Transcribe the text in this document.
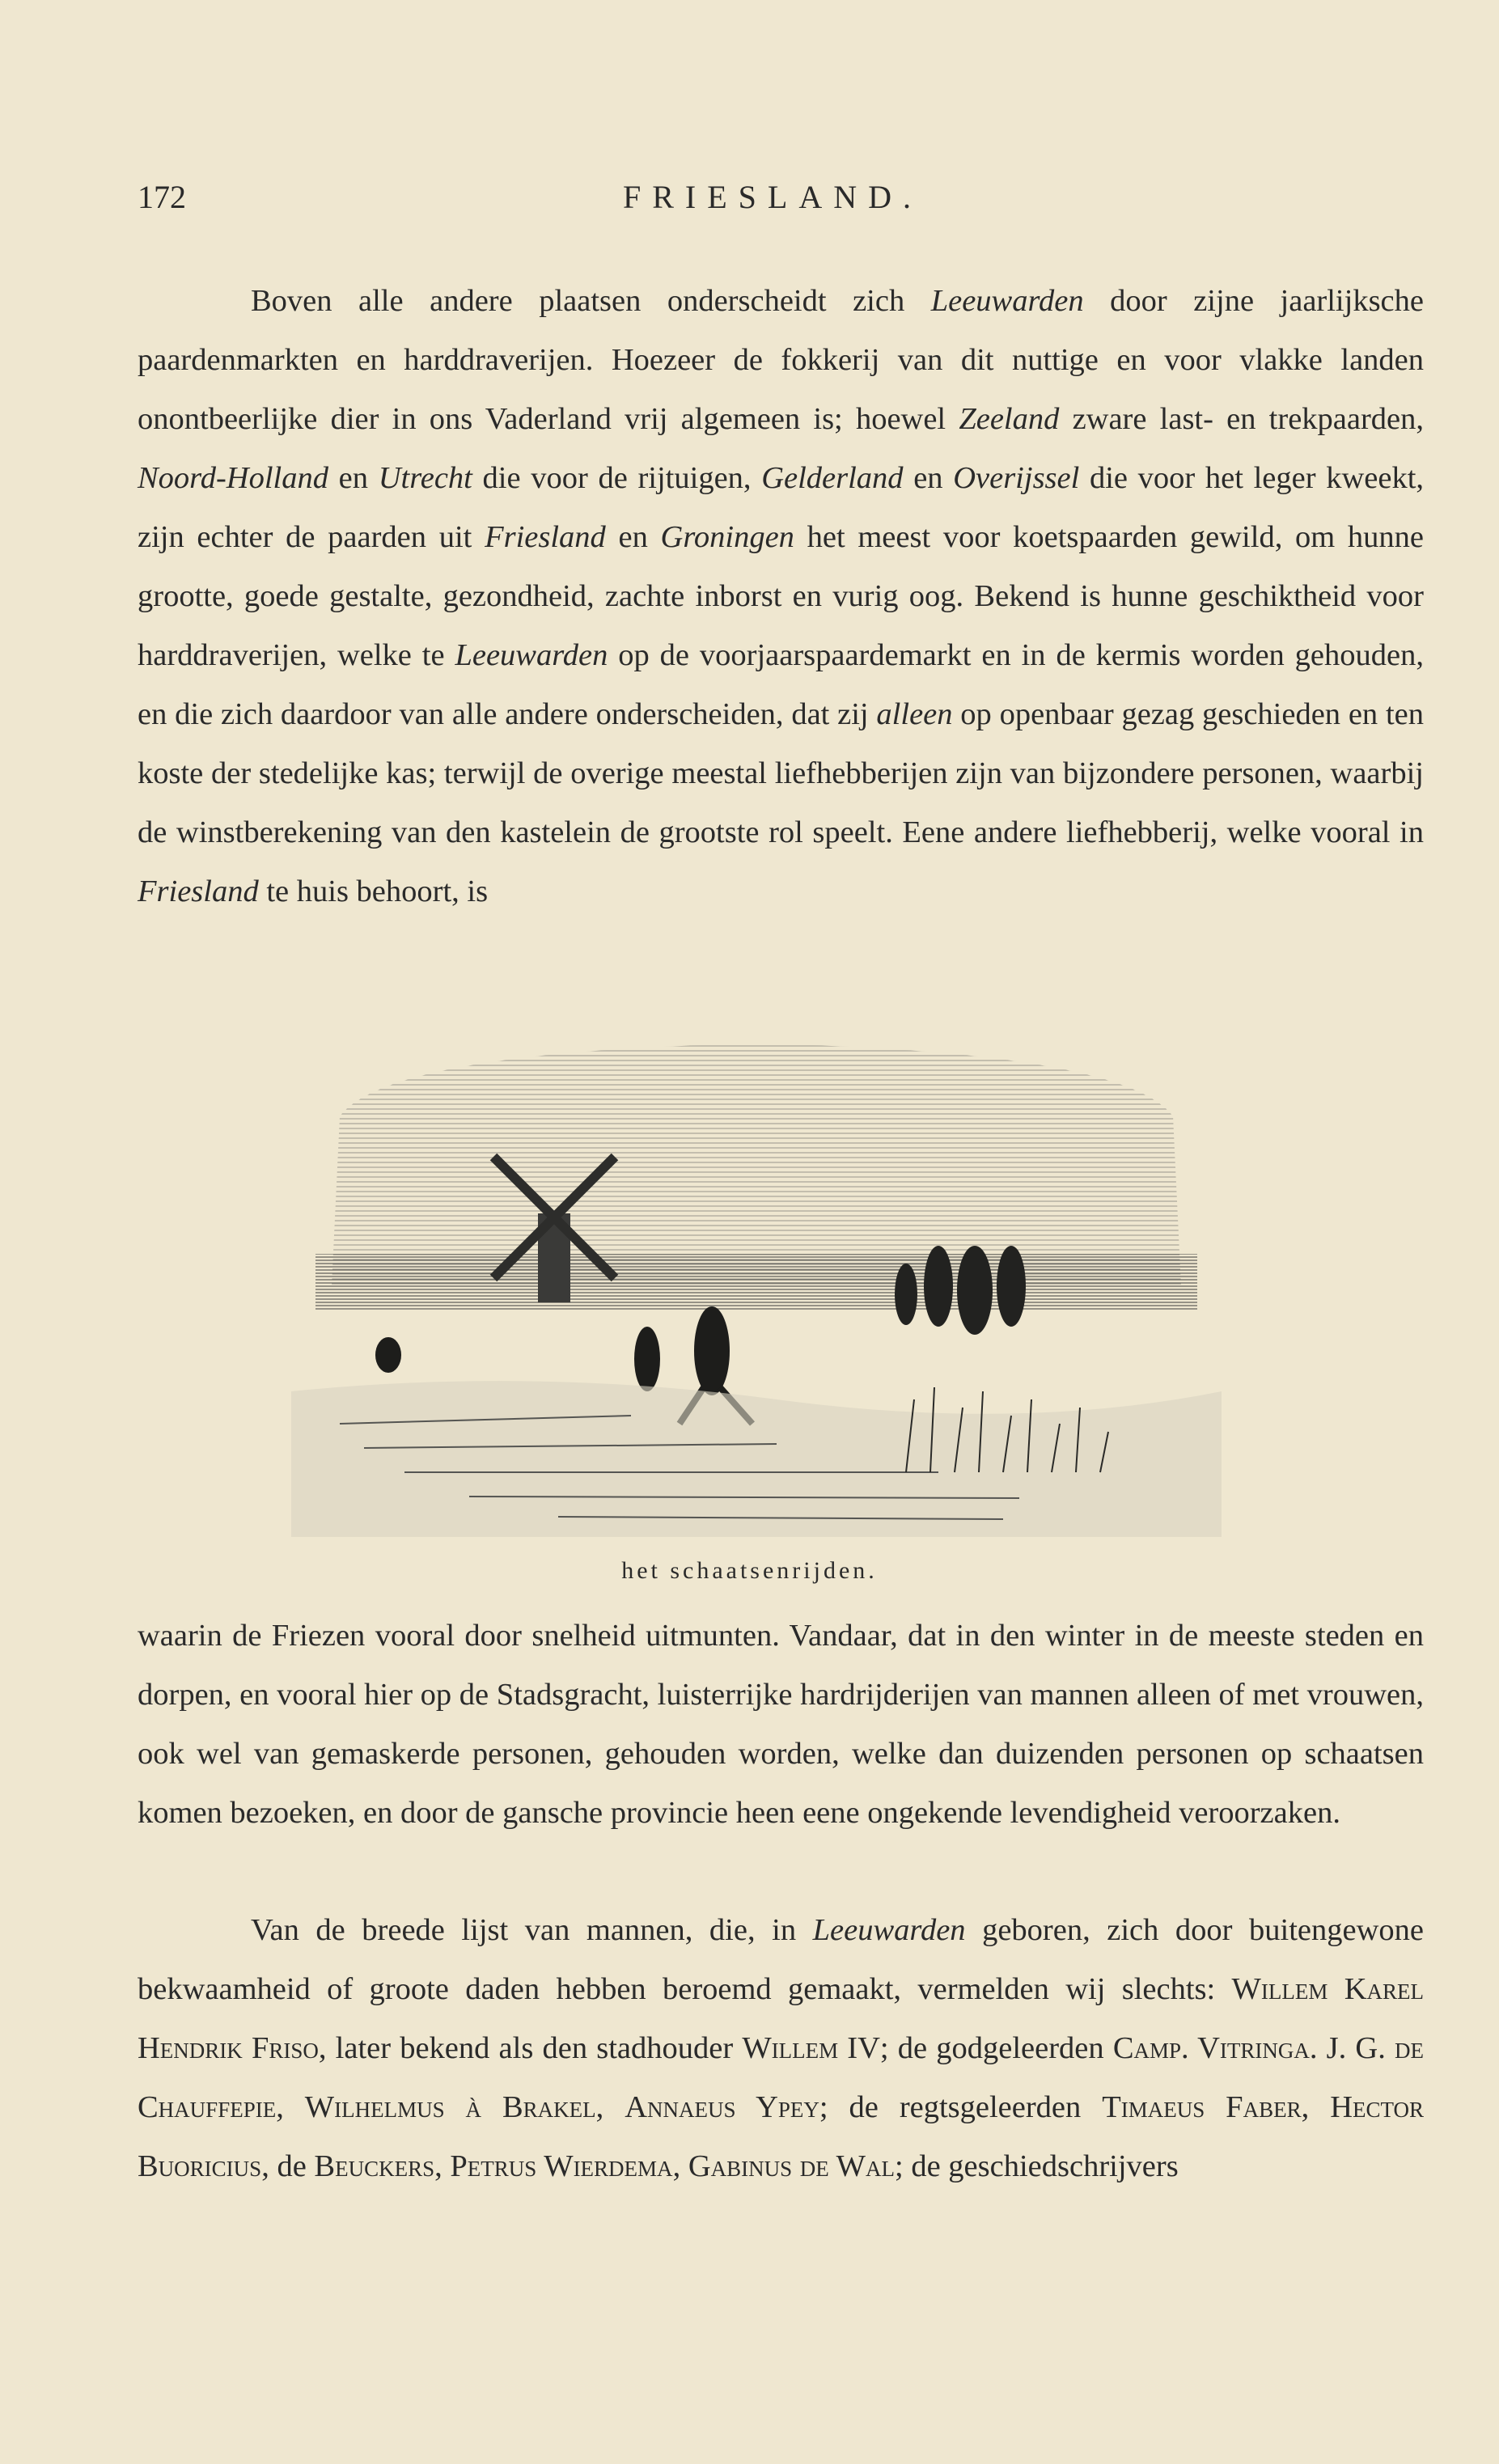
172	FRIESLAND.

Boven alle andere plaatsen onderscheidt zich Leeuwarden door zijne jaarlijksche paardenmarkten en harddraverijen. Hoezeer de fokkerij van dit nuttige en voor vlakke landen onontbeerlijke dier in ons Vaderland vrij algemeen is; hoewel Zeeland zware last- en trekpaarden, Noord-Holland en Utrecht die voor de rijtuigen, Gelderland en Overijssel die voor het leger kweekt, zijn echter de paarden uit Friesland en Groningen het meest voor koetspaarden gewild, om hunne grootte, goede gestalte, gezondheid, zachte inborst en vurig oog. Bekend is hunne geschiktheid voor harddraverijen, welke te Leeuwarden op de voorjaarspaardemarkt en in de kermis worden gehouden, en die zich daardoor van alle andere onderscheiden, dat zij alleen op openbaar gezag geschieden en ten koste der stedelijke kas; terwijl de overige meestal liefhebberijen zijn van bijzondere personen, waarbij de winstberekening van den kastelein de grootste rol speelt. Eene andere liefhebberij, welke vooral in Friesland te huis behoort, is

het schaatsenrijden.

waarin de Friezen vooral door snelheid uitmunten. Vandaar, dat in den winter in de meeste steden en dorpen, en vooral hier op de Stadsgracht, luisterrijke hardrijderijen van mannen alleen of met vrouwen, ook wel van gemaskerde personen, gehouden worden, welke dan duizenden personen op schaatsen komen bezoeken, en door de gansche provincie heen eene ongekende levendigheid veroorzaken.

Van de breede lijst van mannen, die, in Leeuwarden geboren, zich door buitengewone bekwaamheid of groote daden hebben beroemd gemaakt, vermelden wij slechts: Willem Karel Hendrik Friso, later bekend als den stadhouder Willem IV; de godgeleerden Camp. Vitringa. J. G. de Chauffepie, Wilhelmus à Brakel, Annaeus Ypey; de regtsgeleerden Timaeus Faber, Hector Buoricius, de Beuckers, Petrus Wierdema, Gabinus de Wal; de geschiedschrijvers
